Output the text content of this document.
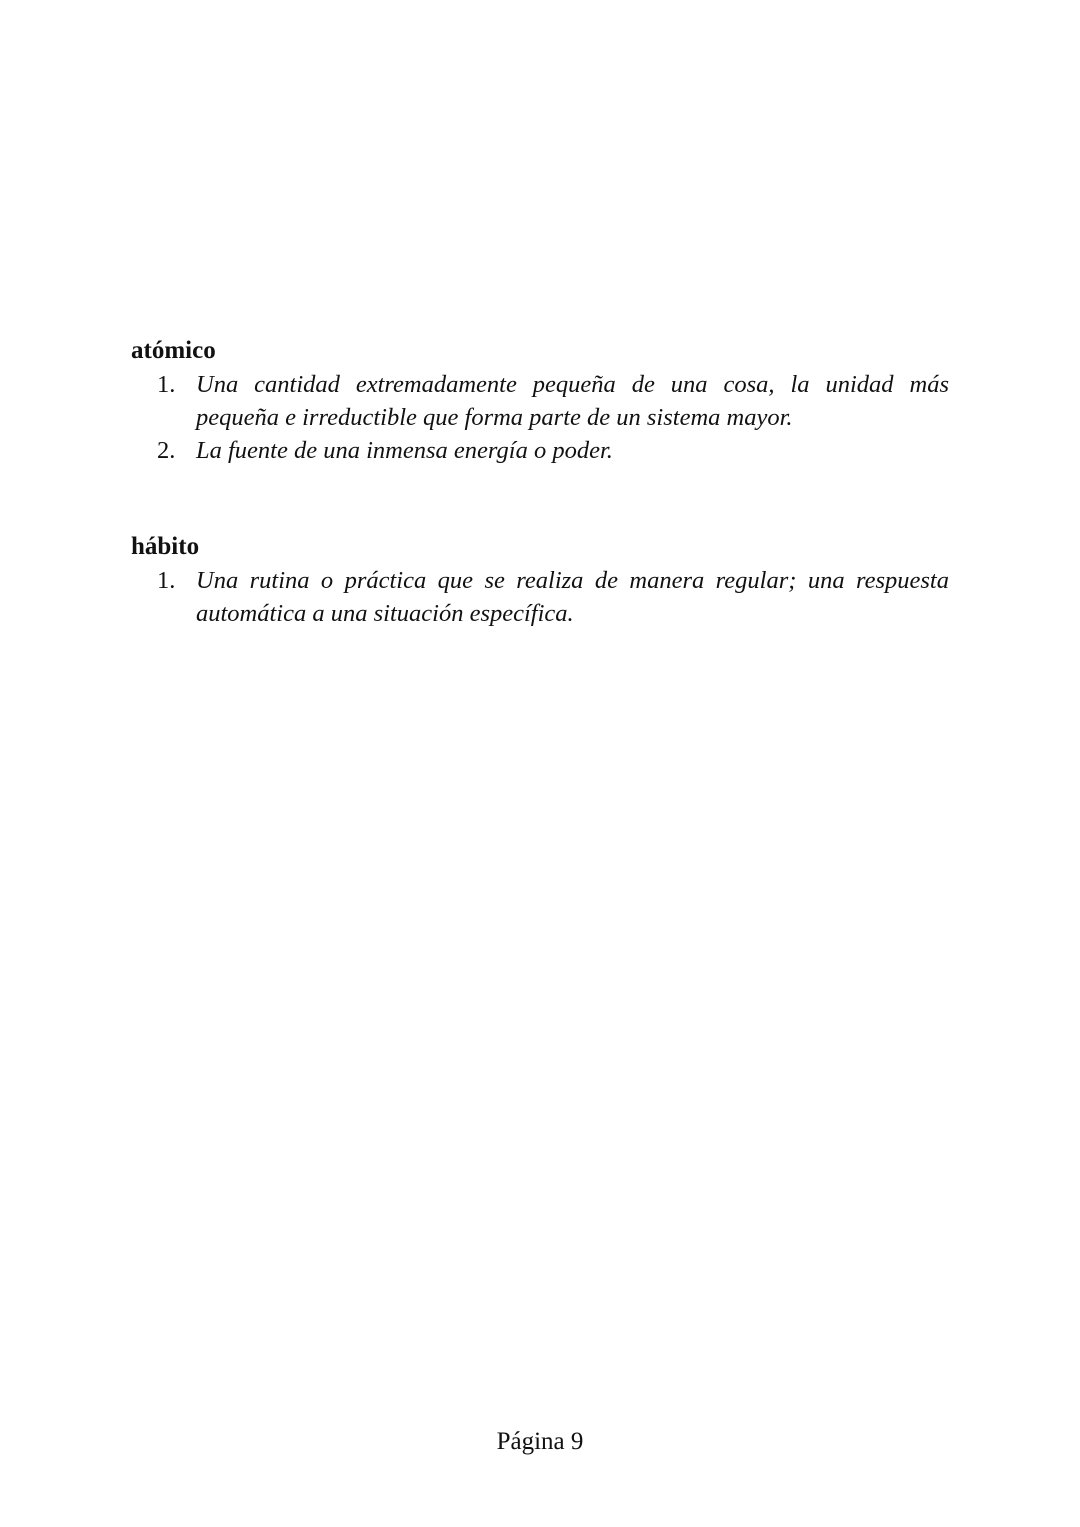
atómico

1. Una cantidad extremadamente pequeña de una cosa, la unidad más pequeña e irreductible que forma parte de un sistema mayor.
2. La fuente de una inmensa energía o poder.

hábito

1. Una rutina o práctica que se realiza de manera regular; una respuesta automática a una situación específica.
Página 9
